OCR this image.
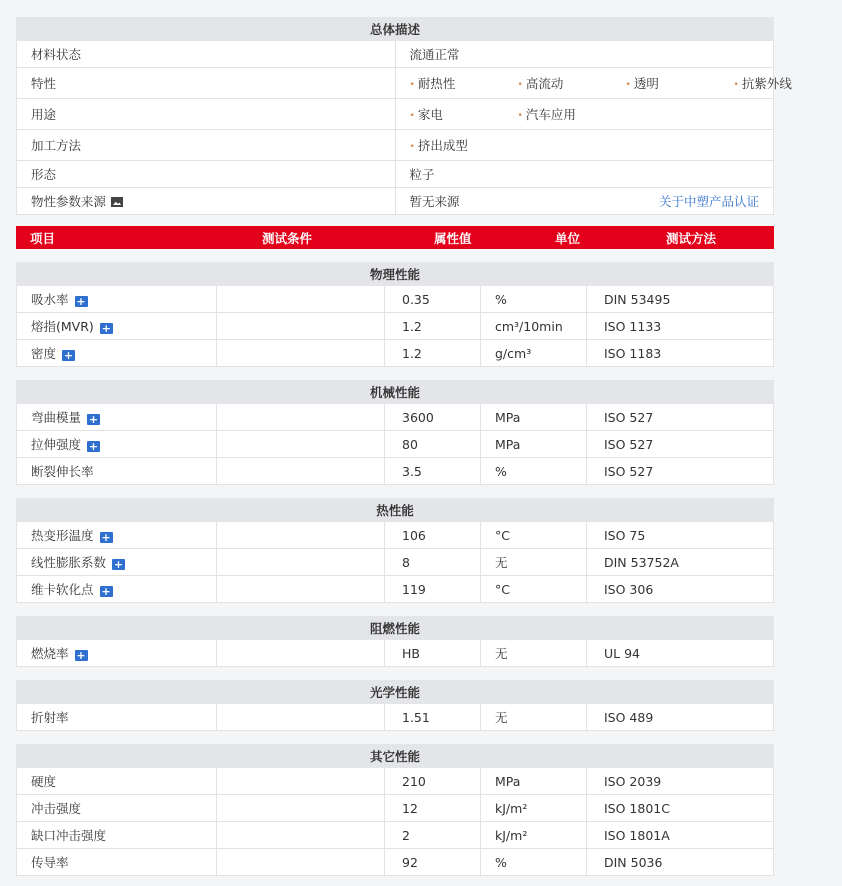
总体描述	
材料状态	流通正常
特性	• 耐热性 • 高流动 • 透明 • 抗紫外线
用途	• 家电 • 汽车应用
加工方法	• 挤出成型
形态	粒子
物性参数来源	暂无来源 关于中塑产品认证
项目	测试条件	属性值	单位	测试方法
物理性能				
吸水率 +		0.35	%	DIN 53495
熔指(MVR) +		1.2	cm³/10min	ISO 1133
密度 +		1.2	g/cm³	ISO 1183
机械性能				
弯曲模量 +		3600	MPa	ISO 527
拉伸强度 +		80	MPa	ISO 527
断裂伸长率		3.5	%	ISO 527
热性能				
热变形温度 +		106	°C	ISO 75
线性膨胀系数 +		8	无	DIN 53752A
维卡软化点 +		119	°C	ISO 306
阻燃性能
燃烧率 +		HB	无	UL 94
光学性能
折射率		1.51	无	ISO 489
其它性能				
硬度		210	MPa	ISO 2039
冲击强度		12	kJ/m²	ISO 1801C
缺口冲击强度		2	kJ/m²	ISO 1801A
传导率		92	%	DIN 5036
